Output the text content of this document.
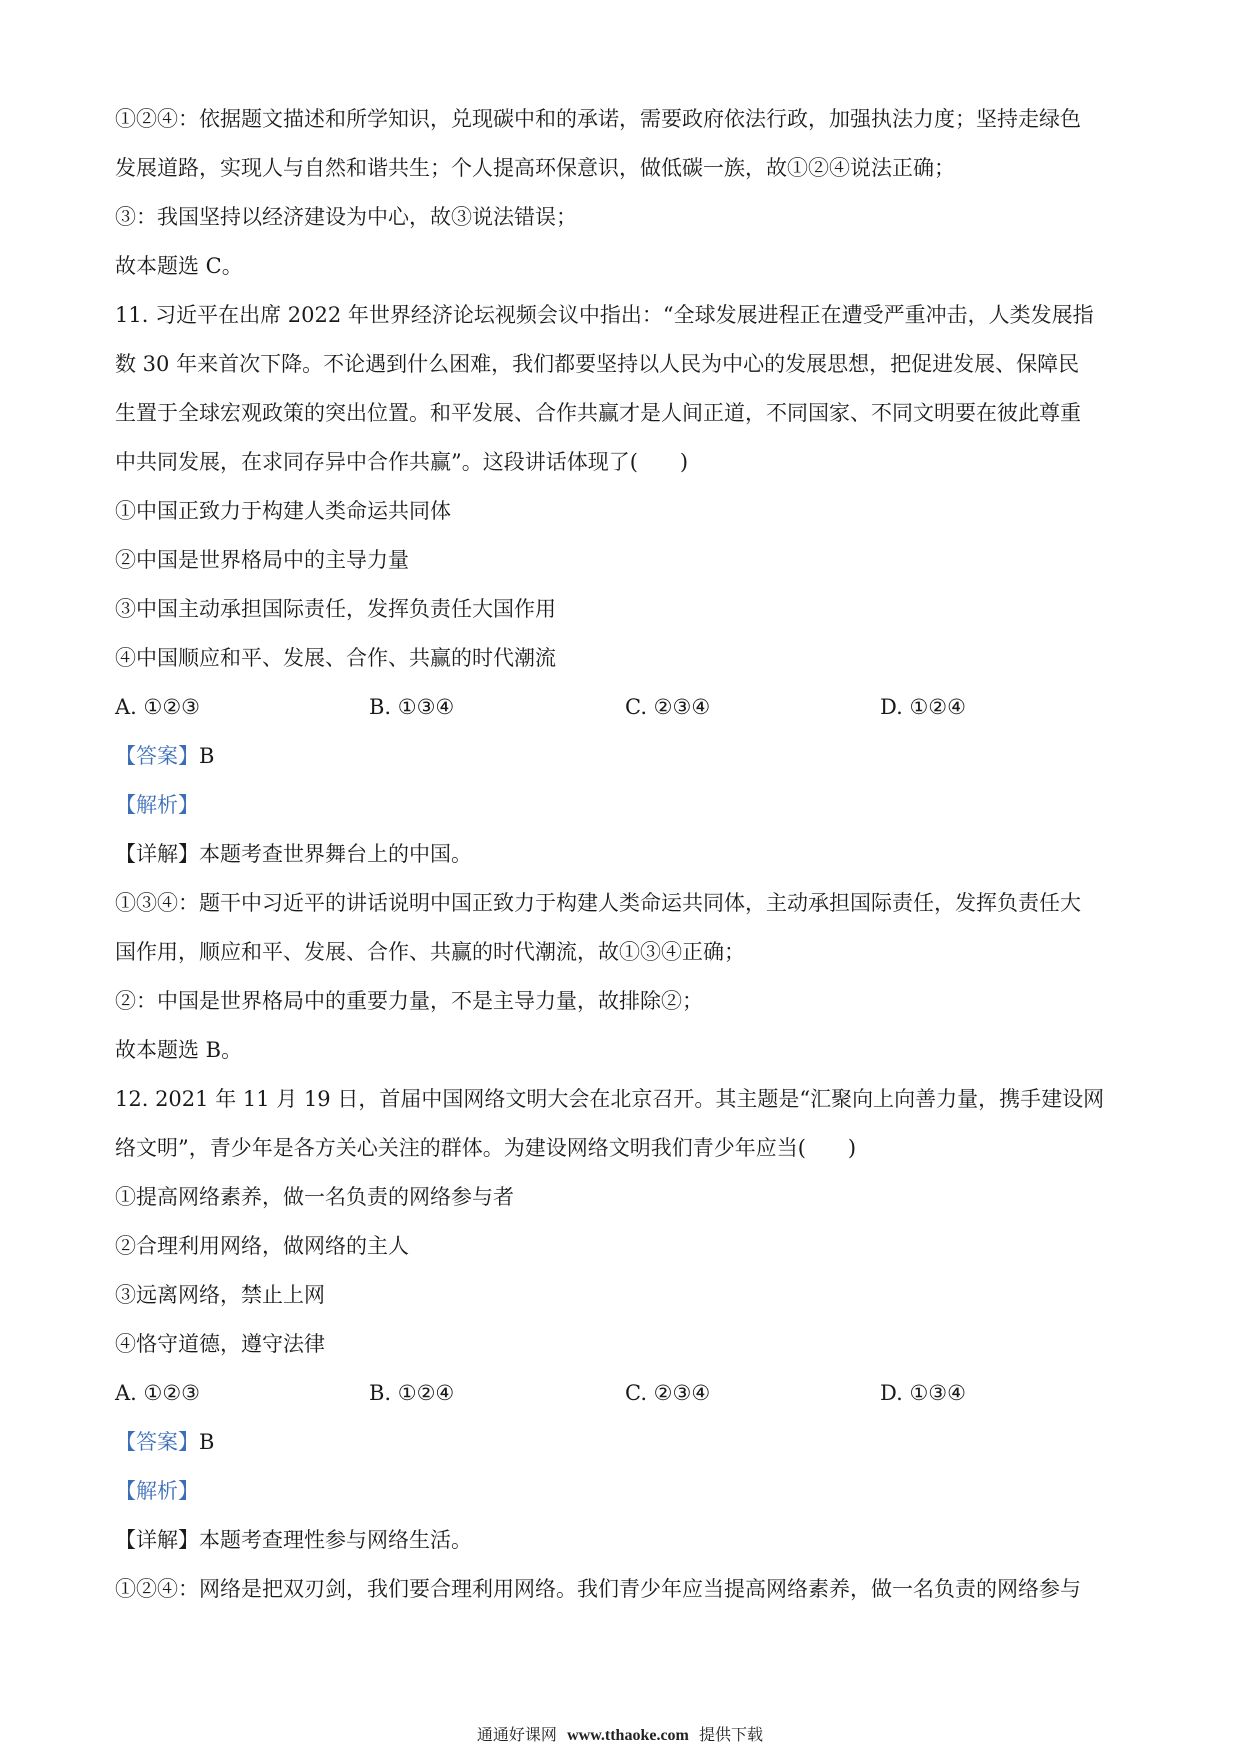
①②④：依据题文描述和所学知识，兑现碳中和的承诺，需要政府依法行政，加强执法力度；坚持走绿色
发展道路，实现人与自然和谐共生；个人提高环保意识，做低碳一族，故①②④说法正确；
③：我国坚持以经济建设为中心，故③说法错误；
故本题选 C。
11. 习近平在出席 2022 年世界经济论坛视频会议中指出：“全球发展进程正在遭受严重冲击，人类发展指
数 30 年来首次下降。不论遇到什么困难，我们都要坚持以人民为中心的发展思想，把促进发展、保障民
生置于全球宏观政策的突出位置。和平发展、合作共赢才是人间正道，不同国家、不同文明要在彼此尊重
中共同发展，在求同存异中合作共赢”。这段讲话体现了(　　)
①中国正致力于构建人类命运共同体
②中国是世界格局中的主导力量
③中国主动承担国际责任，发挥负责任大国作用
④中国顺应和平、发展、合作、共赢的时代潮流
A. ①②③	B. ①③④	C. ②③④	D. ①②④
【答案】B
【解析】
【详解】本题考查世界舞台上的中国。
①③④：题干中习近平的讲话说明中国正致力于构建人类命运共同体，主动承担国际责任，发挥负责任大
国作用，顺应和平、发展、合作、共赢的时代潮流，故①③④正确；
②：中国是世界格局中的重要力量，不是主导力量，故排除②；
故本题选 B。
12. 2021 年 11 月 19 日，首届中国网络文明大会在北京召开。其主题是“汇聚向上向善力量，携手建设网
络文明”，青少年是各方关心关注的群体。为建设网络文明我们青少年应当(　　)
①提高网络素养，做一名负责的网络参与者
②合理利用网络，做网络的主人
③远离网络，禁止上网
④恪守道德，遵守法律
A. ①②③	B. ①②④	C. ②③④	D. ①③④
【答案】B
【解析】
【详解】本题考查理性参与网络生活。
①②④：网络是把双刃剑，我们要合理利用网络。我们青少年应当提高网络素养，做一名负责的网络参与
通通好课网 www.tthaoke.com 提供下载
